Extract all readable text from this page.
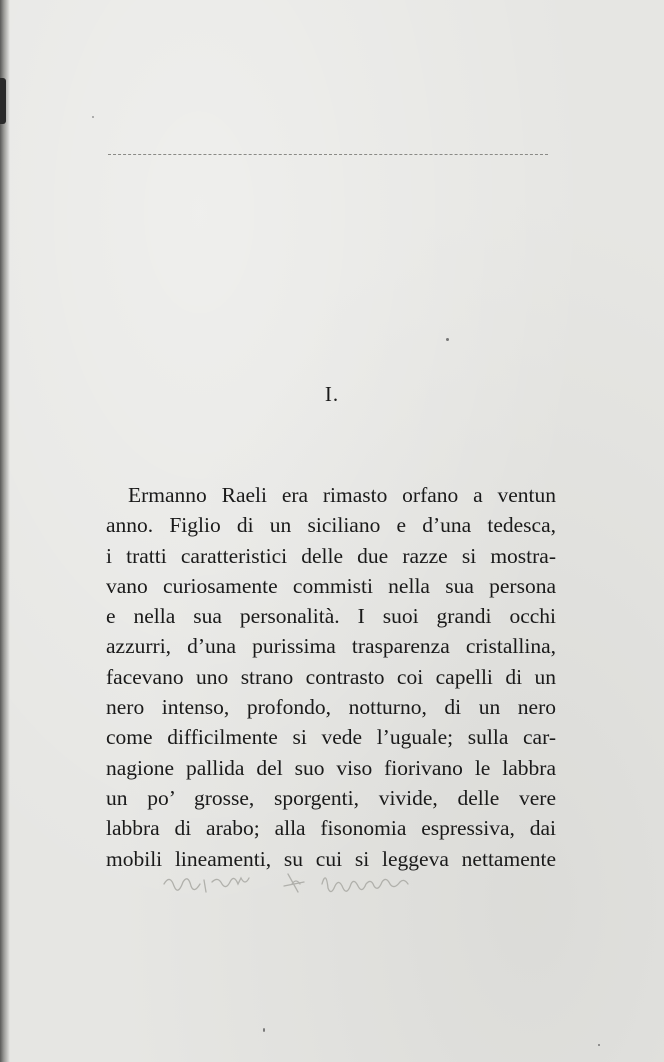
I.
Ermanno Raeli era rimasto orfano a ventun
anno. Figlio di un siciliano e d’una tedesca,
i tratti caratteristici delle due razze si mostra-
vano curiosamente commisti nella sua persona
e nella sua personalità. I suoi grandi occhi
azzurri, d’una purissima trasparenza cristallina,
facevano uno strano contrasto coi capelli di un
nero intenso, profondo, notturno, di un nero
come difficilmente si vede l’uguale; sulla car-
nagione pallida del suo viso fiorivano le labbra
un po’ grosse, sporgenti, vivide, delle vere
labbra di arabo; alla fisonomia espressiva, dai
mobili lineamenti, su cui si leggeva nettamente
